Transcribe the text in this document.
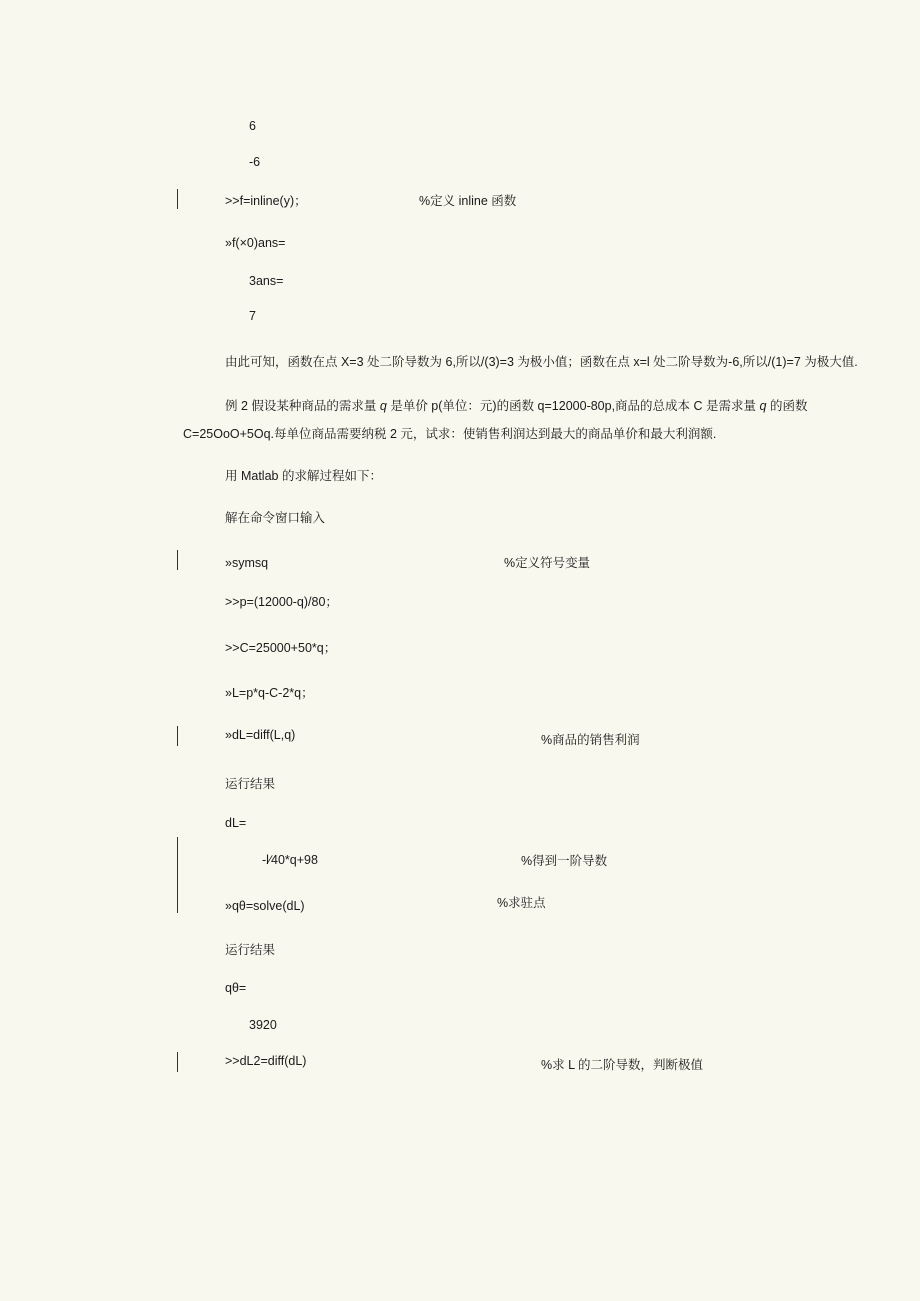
6
-6
>>f=inline(y)；	%定义 inline 函数
»f(×0)ans=
3ans=
7
由此可知，函数在点 X=3 处二阶导数为 6,所以/(3)=3 为极小值；函数在点 x=l 处二阶导数为-6,所以/(1)=7 为极大值.
例 2 假设某种商品的需求量 q 是单价 p(单位：元)的函数 q=12000-80p,商品的总成本 C 是需求量 q 的函数
C=25OoO+5Oq.每单位商品需要纳税 2 元，试求：使销售利润达到最大的商品单价和最大利润额.
用 Matlab 的求解过程如下：
解在命令窗口输入
»symsq	%定义符号变量
>>p=(12000-q)/80；
>>C=25000+50*q；
»L=p*q-C-2*q；
»dL=diff(L,q)	%商品的销售利润
运行结果
dL=
-l∕40*q+98	%得到一阶导数
»qθ=solve(dL)	%求驻点
运行结果
qθ=
3920
>>dL2=diff(dL)	%求 L 的二阶导数，判断极值
